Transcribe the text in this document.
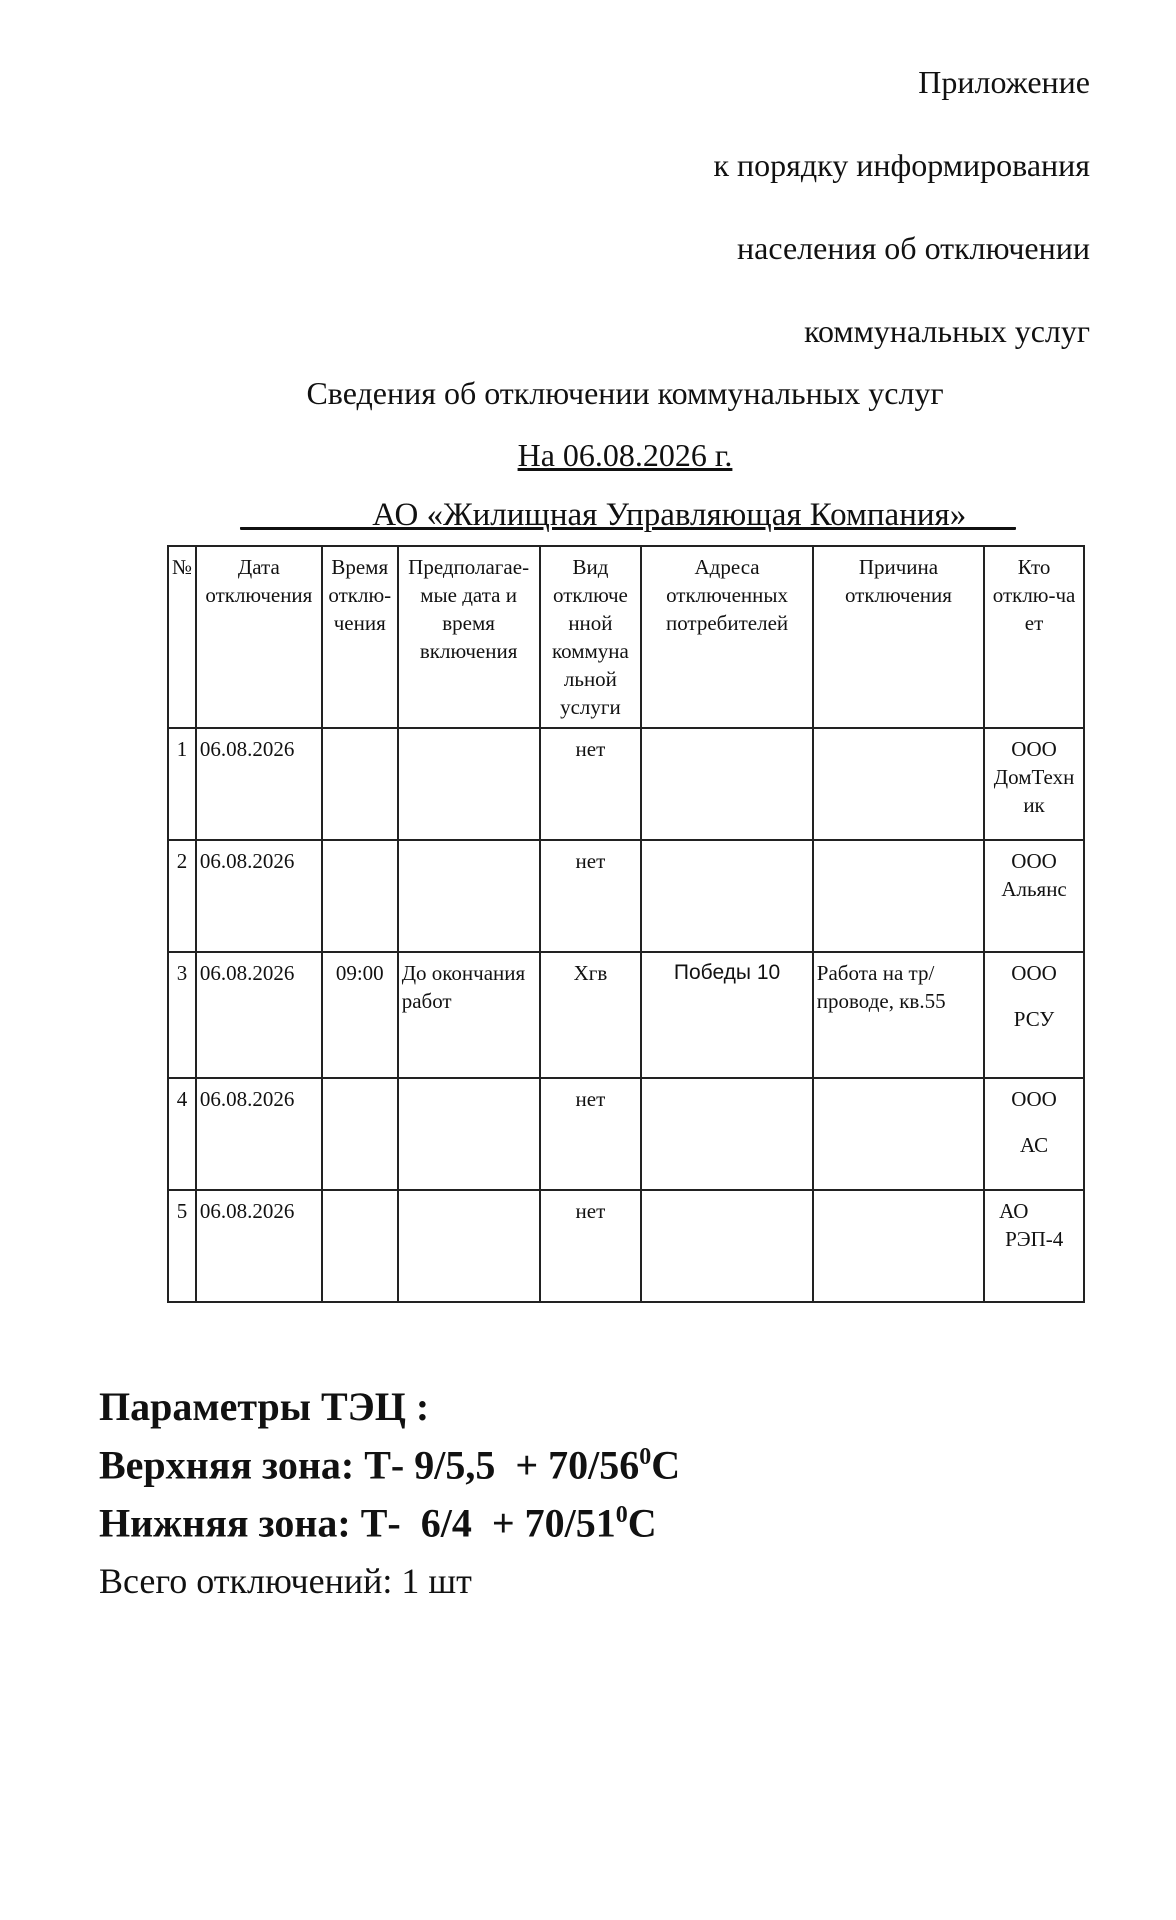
Приложение
к порядку информирования
населения об отключении
коммунальных услуг
Сведения об отключении коммунальных услуг
На 06.08.2026 г.
________АО «Жилищная Управляющая Компания»___
№	Дата отключения	Время отклю-чения	Предполагае-мые дата и время включения	Вид отключе нной коммуна льной услуги	Адреса отключенных потребителей	Причина отключения	Кто отклю-ча ет
1	06.08.2026			нет			ООО
ДомТехн ик

2	06.08.2026			нет			ООО
Альянс

3	06.08.2026	09:00	До окончания работ	Хгв	Победы 10	Работа на тр/ проводе, кв.55	ООО
РСУ

4	06.08.2026			нет			ООО
АС

5	06.08.2026			нет			АО
РЭП-4
Параметры ТЭЦ :
Верхняя зона: Т- $9/5,5 + 70/56^0С$
Нижняя зона: Т-  $6/4 + 70/51^0С$
Всего отключений: 1 шт
